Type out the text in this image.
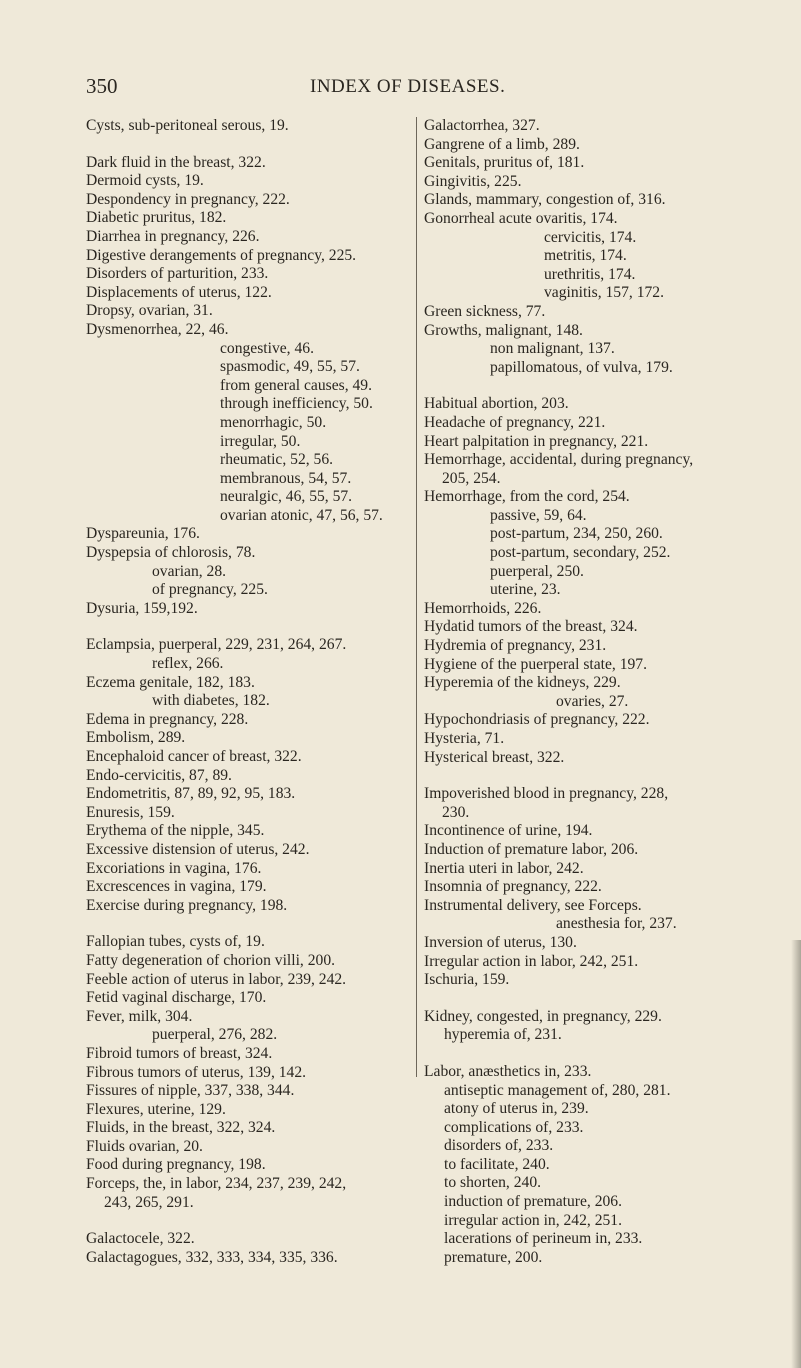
350	INDEX OF DISEASES.
Cysts, sub-peritoneal serous, 19.
Dark fluid in the breast, 322.
Dermoid cysts, 19.
Despondency in pregnancy, 222.
Diabetic pruritus, 182.
Diarrhea in pregnancy, 226.
Digestive derangements of pregnancy, 225.
Disorders of parturition, 233.
Displacements of uterus, 122.
Dropsy, ovarian, 31.
Dysmenorrhea, 22, 46.
congestive, 46.
spasmodic, 49, 55, 57.
from general causes, 49.
through inefficiency, 50.
menorrhagic, 50.
irregular, 50.
rheumatic, 52, 56.
membranous, 54, 57.
neuralgic, 46, 55, 57.
ovarian atonic, 47, 56, 57.
Dyspareunia, 176.
Dyspepsia of chlorosis, 78.
ovarian, 28.
of pregnancy, 225.
Dysuria, 159,192.
Eclampsia, puerperal, 229, 231, 264, 267.
reflex, 266.
Eczema genitale, 182, 183.
with diabetes, 182.
Edema in pregnancy, 228.
Embolism, 289.
Encephaloid cancer of breast, 322.
Endo-cervicitis, 87, 89.
Endometritis, 87, 89, 92, 95, 183.
Enuresis, 159.
Erythema of the nipple, 345.
Excessive distension of uterus, 242.
Excoriations in vagina, 176.
Excrescences in vagina, 179.
Exercise during pregnancy, 198.
Fallopian tubes, cysts of, 19.
Fatty degeneration of chorion villi, 200.
Feeble action of uterus in labor, 239, 242.
Fetid vaginal discharge, 170.
Fever, milk, 304.
puerperal, 276, 282.
Fibroid tumors of breast, 324.
Fibrous tumors of uterus, 139, 142.
Fissures of nipple, 337, 338, 344.
Flexures, uterine, 129.
Fluids, in the breast, 322, 324.
Fluids ovarian, 20.
Food during pregnancy, 198.
Forceps, the, in labor, 234, 237, 239, 242,
243, 265, 291.
Galactocele, 322.
Galactagogues, 332, 333, 334, 335, 336.
Galactorrhea, 327.
Gangrene of a limb, 289.
Genitals, pruritus of, 181.
Gingivitis, 225.
Glands, mammary, congestion of, 316.
Gonorrheal acute ovaritis, 174.
cervicitis, 174.
metritis, 174.
urethritis, 174.
vaginitis, 157, 172.
Green sickness, 77.
Growths, malignant, 148.
non malignant, 137.
papillomatous, of vulva, 179.
Habitual abortion, 203.
Headache of pregnancy, 221.
Heart palpitation in pregnancy, 221.
Hemorrhage, accidental, during pregnancy,
205, 254.
Hemorrhage, from the cord, 254.
passive, 59, 64.
post-partum, 234, 250, 260.
post-partum, secondary, 252.
puerperal, 250.
uterine, 23.
Hemorrhoids, 226.
Hydatid tumors of the breast, 324.
Hydremia of pregnancy, 231.
Hygiene of the puerperal state, 197.
Hyperemia of the kidneys, 229.
ovaries, 27.
Hypochondriasis of pregnancy, 222.
Hysteria, 71.
Hysterical breast, 322.
Impoverished blood in pregnancy, 228,
230.
Incontinence of urine, 194.
Induction of premature labor, 206.
Inertia uteri in labor, 242.
Insomnia of pregnancy, 222.
Instrumental delivery, see Forceps.
anesthesia for, 237.
Inversion of uterus, 130.
Irregular action in labor, 242, 251.
Ischuria, 159.
Kidney, congested, in pregnancy, 229.
hyperemia of, 231.
Labor, anæsthetics in, 233.
antiseptic management of, 280, 281.
atony of uterus in, 239.
complications of, 233.
disorders of, 233.
to facilitate, 240.
to shorten, 240.
induction of premature, 206.
irregular action in, 242, 251.
lacerations of perineum in, 233.
premature, 200.
